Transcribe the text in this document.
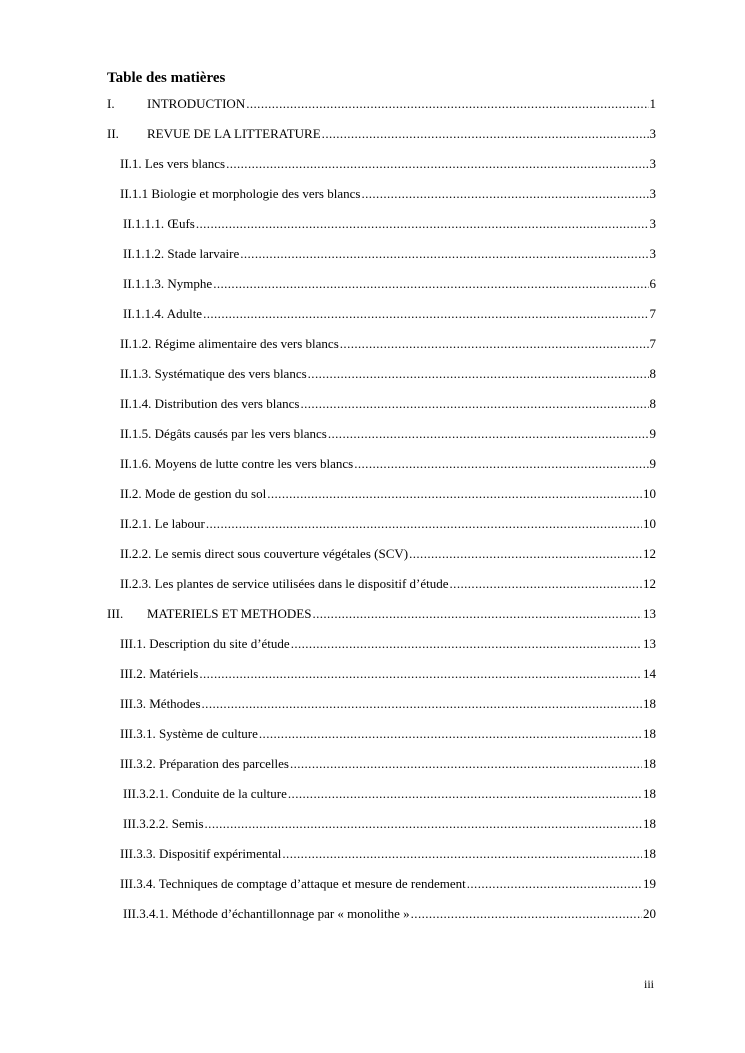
Table des matières
I.	INTRODUCTION .....	1
II.	REVUE DE LA LITTERATURE .....	3
II.1. Les vers blancs .....	3
II.1.1 Biologie et morphologie des vers blancs .....	3
II.1.1.1. Œufs .....	3
II.1.1.2. Stade larvaire .....	3
II.1.1.3. Nymphe .....	6
II.1.1.4. Adulte .....	7
II.1.2. Régime alimentaire des vers blancs .....	7
II.1.3. Systématique des vers blancs .....	8
II.1.4. Distribution des vers blancs .....	8
II.1.5. Dégâts causés par les vers blancs .....	9
II.1.6. Moyens de lutte contre les vers blancs .....	9
II.2. Mode de gestion du sol .....	10
II.2.1. Le labour .....	10
II.2.2. Le semis direct sous couverture végétales (SCV) .....	12
II.2.3. Les plantes de service utilisées dans le dispositif d’étude .....	12
III.	MATERIELS ET METHODES .....	13
III.1. Description du site d’étude .....	13
III.2. Matériels .....	14
III.3. Méthodes .....	18
III.3.1. Système de culture .....	18
III.3.2. Préparation des parcelles .....	18
III.3.2.1. Conduite de la culture .....	18
III.3.2.2. Semis .....	18
III.3.3. Dispositif expérimental .....	18
III.3.4. Techniques de comptage d’attaque et mesure de rendement .....	19
III.3.4.1. Méthode d’échantillonnage par « monolithe » .....	20
iii
